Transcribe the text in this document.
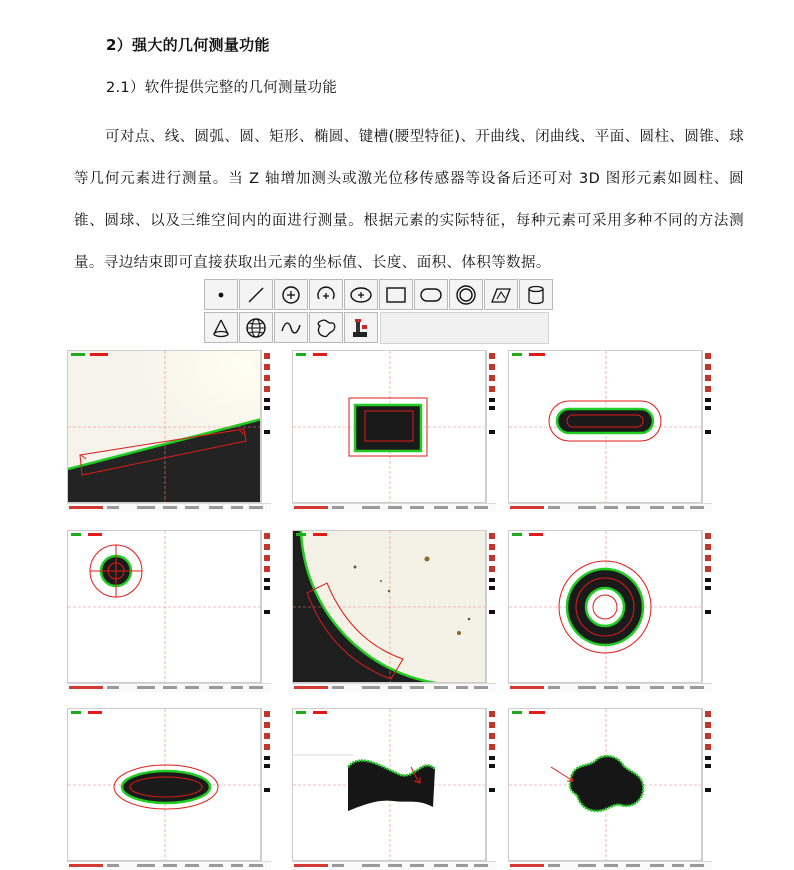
2）强大的几何测量功能
2.1）软件提供完整的几何测量功能

可对点、线、圆弧、圆、矩形、椭圆、键槽(腰型特征)、开曲线、闭曲线、平面、圆柱、圆锥、球等几何元素进行测量。当 Z 轴增加测头或激光位移传感器等设备后还可对 3D 图形元素如圆柱、圆锥、圆球、以及三维空间内的面进行测量。根据元素的实际特征，每种元素可采用多种不同的方法测量。寻边结束即可直接获取出元素的坐标值、长度、面积、体积等数据。
